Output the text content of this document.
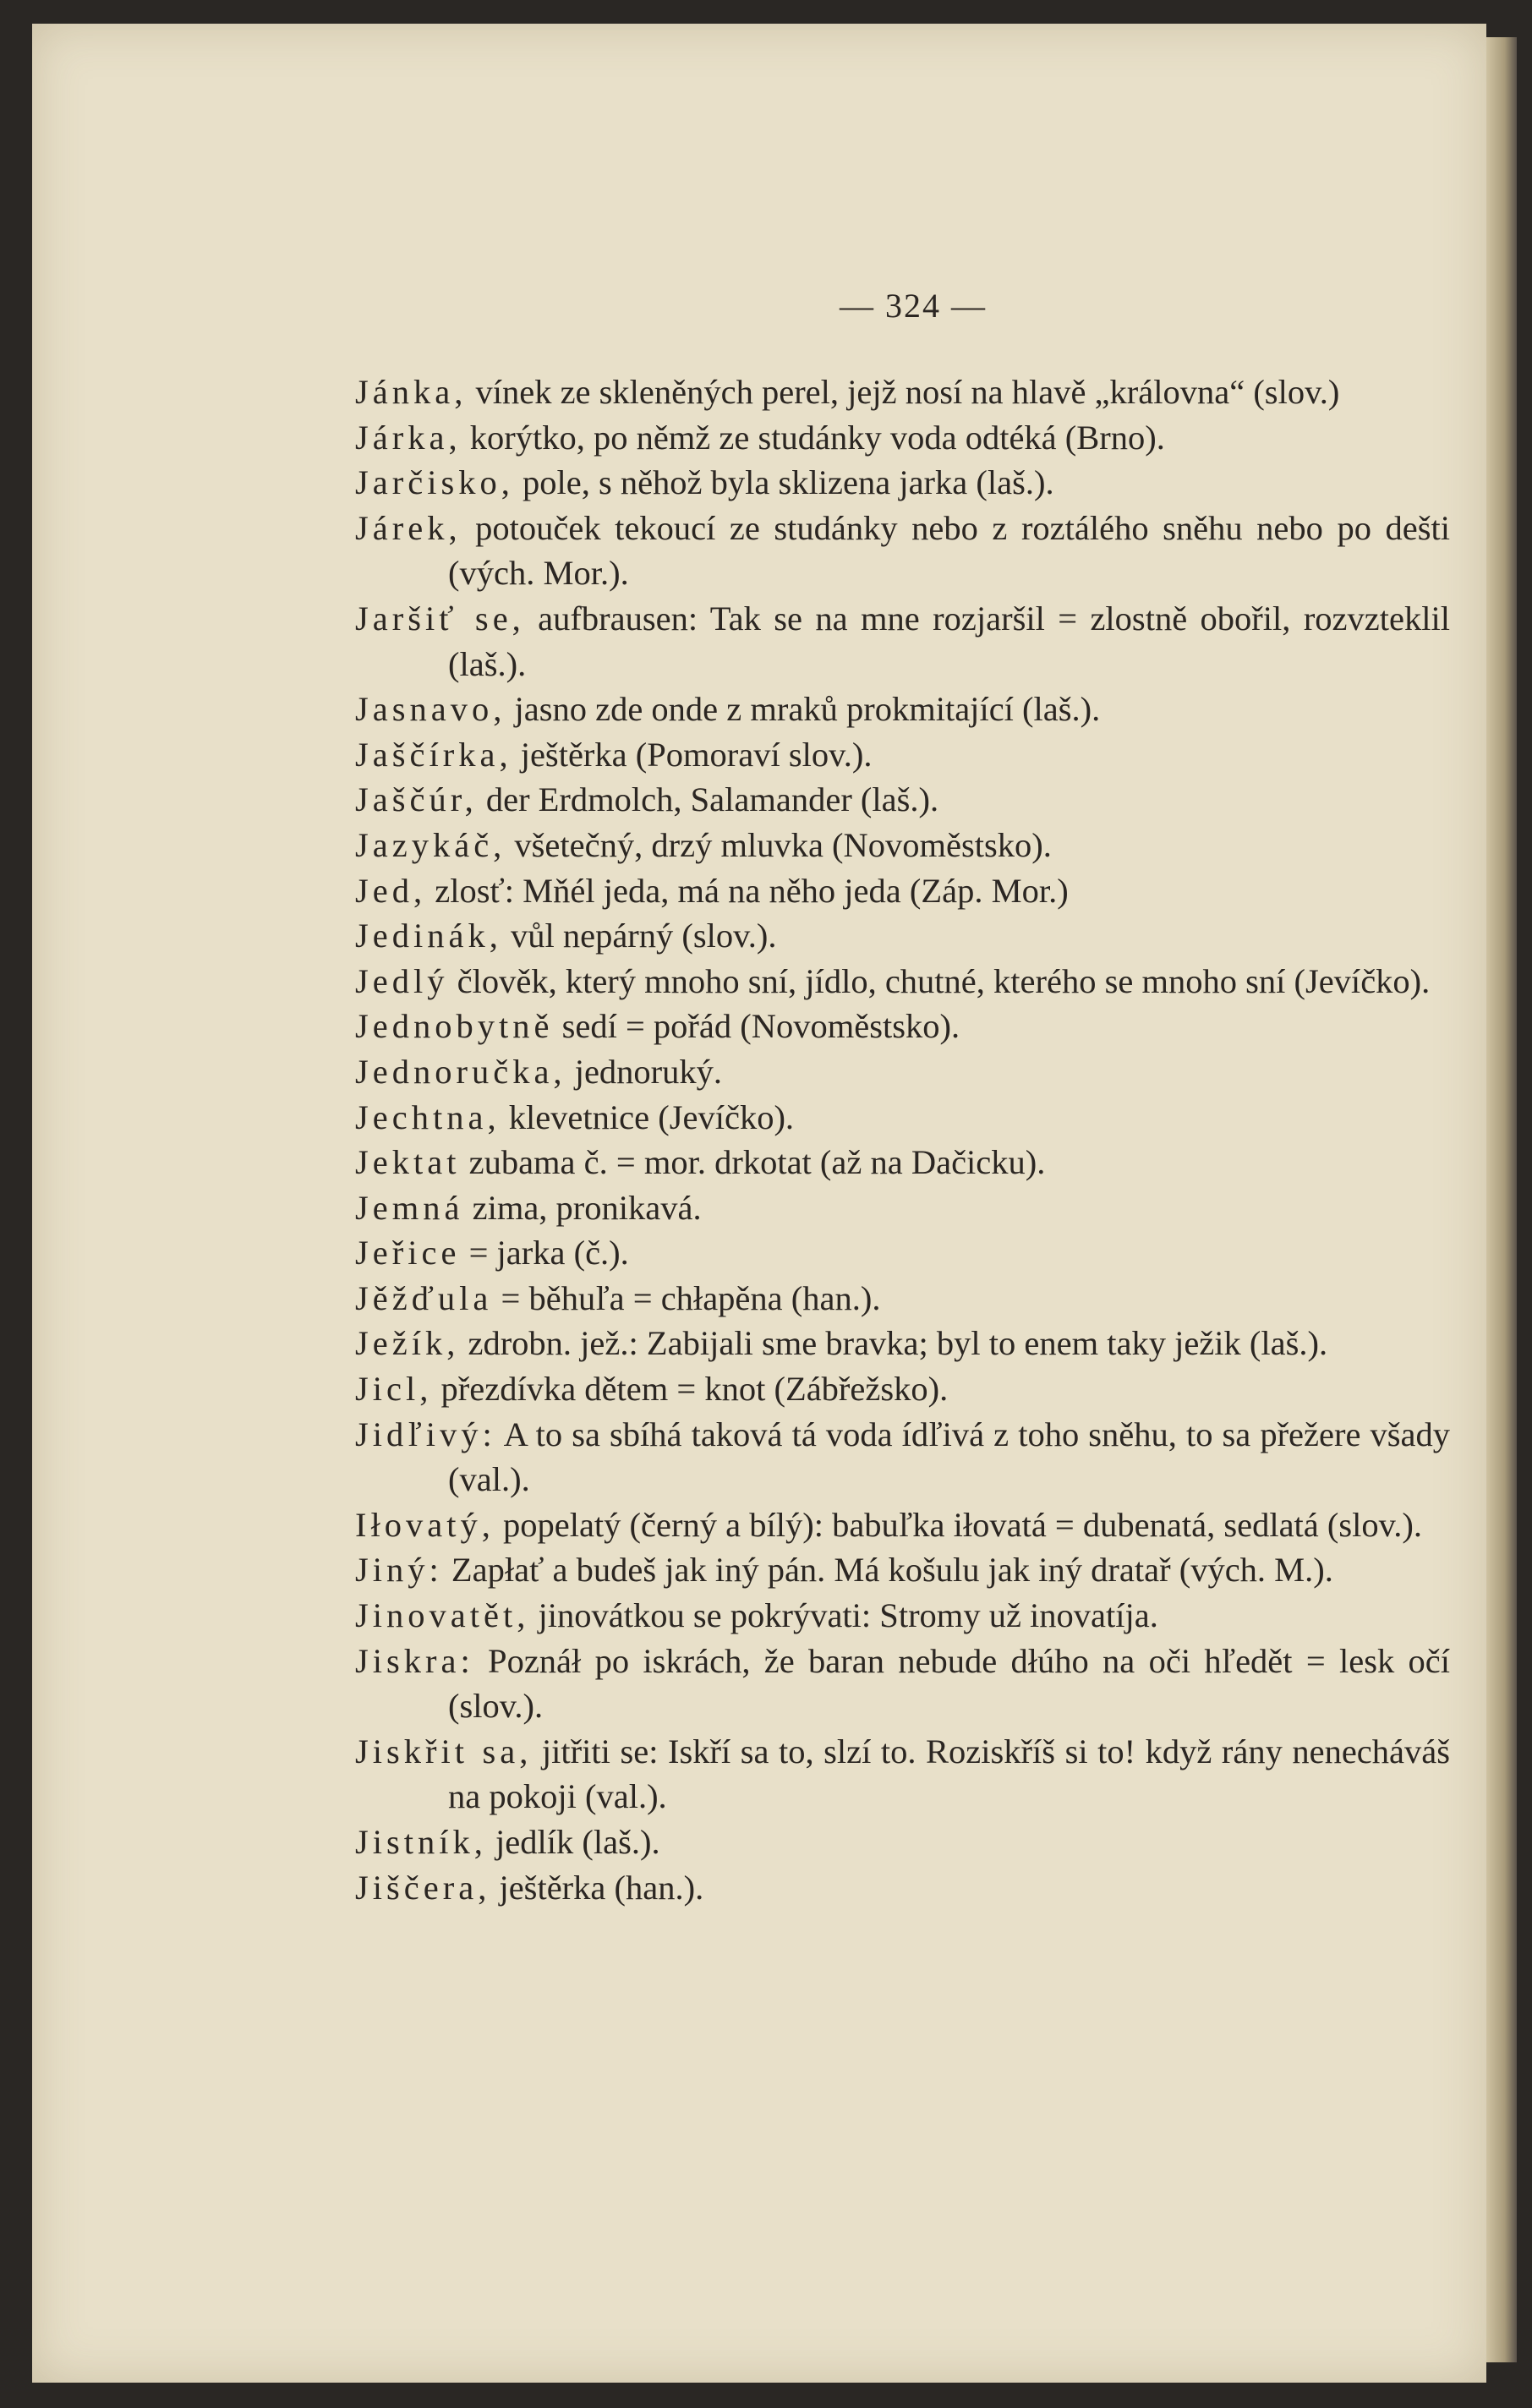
— 324 —

Jánka, vínek ze skleněných perel, jejž nosí na hlavě „královna“ (slov.)

Járka, korýtko, po němž ze studánky voda odtéká (Brno).

Jarčisko, pole, s něhož byla sklizena jarka (laš.).

Járek, potouček tekoucí ze studánky nebo z roztálého sněhu nebo po dešti (vých. Mor.).

Jaršiť se, aufbrausen: Tak se na mne rozjaršil = zlostně obořil, rozvzteklil (laš.).

Jasnavo, jasno zde onde z mraků prokmitající (laš.).

Jaščírka, ještěrka (Pomoraví slov.).

Jaščúr, der Erdmolch, Salamander (laš.).

Jazykáč, všetečný, drzý mluvka (Novoměstsko).

Jed, zlosť: Mňél jeda, má na něho jeda (Záp. Mor.)

Jedinák, vůl nepárný (slov.).

Jedlý člověk, který mnoho sní, jídlo, chutné, kterého se mnoho sní (Jevíčko).

Jednobytně sedí = pořád (Novoměstsko).

Jednoručka, jednoruký.

Jechtna, klevetnice (Jevíčko).

Jektat zubama č. = mor. drkotat (až na Dačicku).

Jemná zima, pronikavá.

Jeřice = jarka (č.).

Jěžďula = běhuľa = chłapěna (han.).

Ježík, zdrobn. jež.: Zabijali sme bravka; byl to enem taky ježik (laš.).

Jicl, přezdívka dětem = knot (Zábřežsko).

Jidľivý: A to sa sbíhá taková tá voda ídľivá z toho sněhu, to sa přežere všady (val.).

Iłovatý, popelatý (černý a bílý): babuľka iłovatá = dubenatá, sedlatá (slov.).

Jiný: Zapłať a budeš jak iný pán. Má košulu jak iný dratař (vých. M.).

Jinovatět, jinovátkou se pokrývati: Stromy už inovatíja.

Jiskra: Poznáł po iskrách, že baran nebude dłúho na oči hľedět = lesk očí (slov.).

Jiskřit sa, jitřiti se: Iskří sa to, slzí to. Roziskříš si to! když rány nenecháváš na pokoji (val.).

Jistník, jedlík (laš.).

Jiščera, ještěrka (han.).
